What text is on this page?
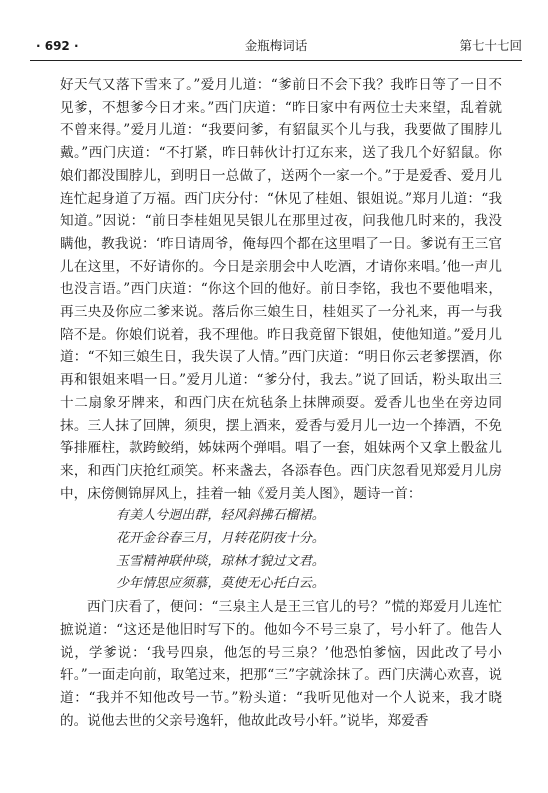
· 692 ·	金瓶梅词话	第七十七回

好天气又落下雪来了。”爱月儿道：“爹前日不会下我？我昨日等了一日不见爹，不想爹今日才来。”西门庆道：“昨日家中有两位士夫来望，乱着就不曾来得。”爱月儿道：“我要问爹，有貂鼠买个儿与我，我要做了围脖儿戴。”西门庆道：“不打紧，昨日韩伙计打辽东来，送了我几个好貂鼠。你娘们都没围脖儿，到明日一总做了，送两个一家一个。”于是爱香、爱月儿连忙起身道了万福。西门庆分付：“休见了桂姐、银姐说。”郑月儿道：“我知道。”因说：“前日李桂姐见吴银儿在那里过夜，问我他几时来的，我没瞒他，教我说：‘昨日请周爷，俺每四个都在这里唱了一日。爹说有王三官儿在这里，不好请你的。今日是亲朋会中人吃酒，才请你来唱。’他一声儿也没言语。”西门庆道：“你这个回的他好。前日李铭，我也不要他唱来，再三央及你应二爹来说。落后你三娘生日，桂姐买了一分礼来，再一与我陪不是。你娘们说着，我不理他。昨日我竟留下银姐，使他知道。”爱月儿道：“不知三娘生日，我失误了人情。”西门庆道：“明日你云老爹摆酒，你再和银姐来唱一日。”爱月儿道：“爹分付，我去。”说了回话，粉头取出三十二扇象牙牌来，和西门庆在炕毡条上抹牌顽耍。爱香儿也坐在旁边同抹。三人抹了回牌，须臾，摆上酒来，爱香与爱月儿一边一个捧酒，不免筝排雁柱，款跨鲛绡，姊妹两个弹唱。唱了一套，姐妹两个又拿上骰盆儿来，和西门庆抢红顽笑。杯来盏去，各添春色。西门庆忽看见郑爱月儿房中，床傍侧锦屏风上，挂着一轴《爱月美人图》，题诗一首：

有美人兮迥出群，轻风斜拂石榴裙。
花开金谷春三月，月转花阴夜十分。
玉雪精神联仲琰，琼林才貌过文君。
少年情思应须慕，莫使无心托白云。

西门庆看了，便问：“三泉主人是王三官儿的号？”慌的郑爱月儿连忙摭说道：“这还是他旧时写下的。他如今不号三泉了，号小轩了。他告人说，学爹说：‘我号四泉，他怎的号三泉？’他恐怕爹恼，因此改了号小轩。”一面走向前，取笔过来，把那“三”字就涂抹了。西门庆满心欢喜，说道：“我并不知他改号一节。”粉头道：“我听见他对一个人说来，我才晓的。说他去世的父亲号逸轩，他故此改号小轩。”说毕，郑爱香
